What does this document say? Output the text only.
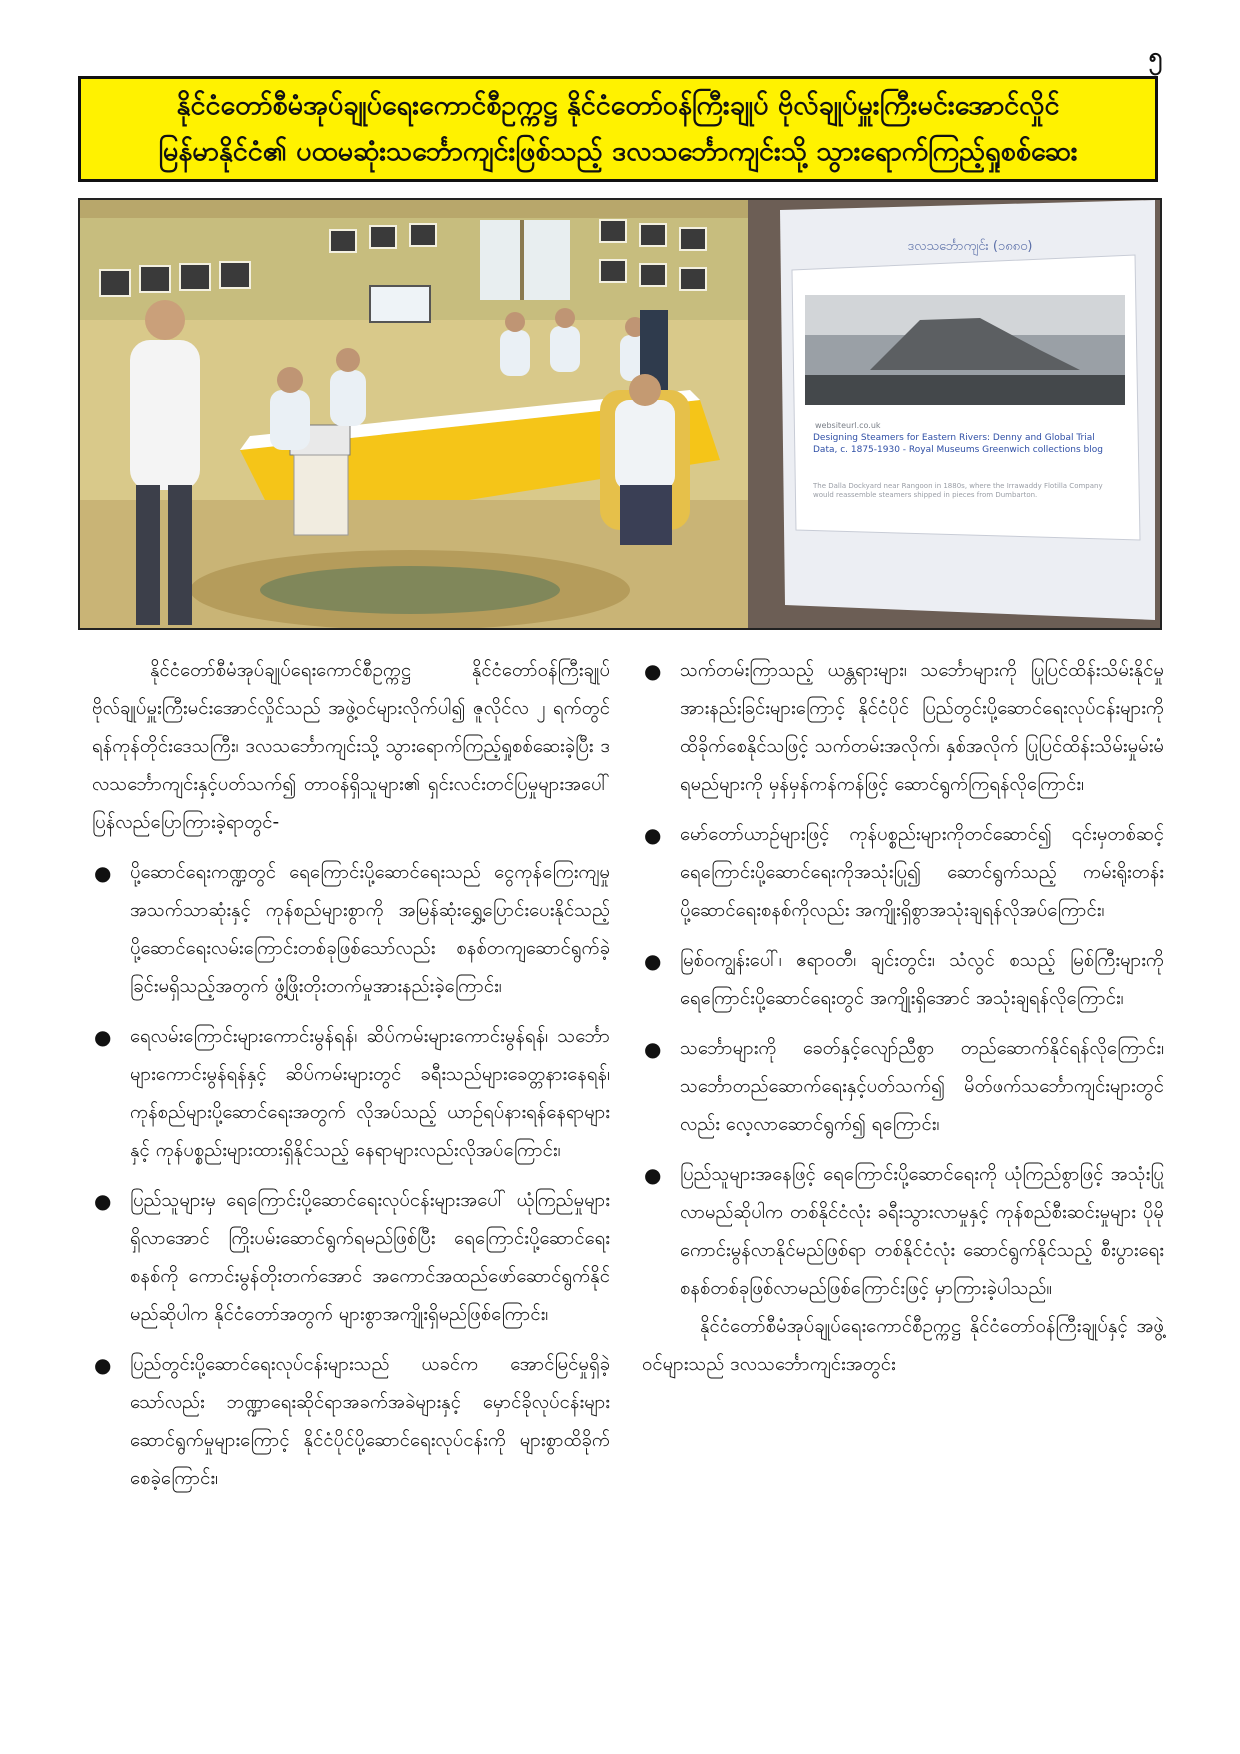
၅
နိုင်ငံတော်စီမံအုပ်ချုပ်ရေးကောင်စီဥက္ကဋ္ဌ နိုင်ငံတော်ဝန်ကြီးချုပ် ဗိုလ်ချုပ်မှူးကြီးမင်းအောင်လှိုင်
မြန်မာနိုင်ငံ၏ ပထမဆုံးသင်္ဘောကျင်းဖြစ်သည့် ဒလသင်္ဘောကျင်းသို့ သွားရောက်ကြည့်ရှုစစ်ဆေး
ဒလသင်္ဘောကျင်း (၁၈၈၀)
websiteurl.co.uk
Designing Steamers for Eastern Rivers: Denny and Global Trial Data, c. 1875-1930 - Royal Museums Greenwich collections blog
The Dalla Dockyard near Rangoon in 1880s, where the Irrawaddy Flotilla Company would reassemble steamers shipped in pieces from Dumbarton.

နိုင်ငံတော်စီမံအုပ်ချုပ်ရေးကောင်စီဥက္ကဋ္ဌ နိုင်ငံတော်ဝန်ကြီးချုပ် ဗိုလ်ချုပ်မှူးကြီးမင်းအောင်လှိုင်သည် အဖွဲ့ဝင်များလိုက်ပါ၍ ဇူလိုင်လ ၂ ရက်တွင် ရန်ကုန်တိုင်းဒေသကြီး၊ ဒလသင်္ဘောကျင်းသို့ သွားရောက်ကြည့်ရှုစစ်ဆေးခဲ့ပြီး ဒလသင်္ဘောကျင်းနှင့်ပတ်သက်၍ တာဝန်ရှိသူများ၏ ရှင်းလင်းတင်ပြမှုများအပေါ် ပြန်လည်ပြောကြားခဲ့ရာတွင်-

● ပို့ဆောင်ရေးကဏ္ဍတွင် ရေကြောင်းပို့ဆောင်ရေးသည် ငွေကုန်ကြေးကျမှုအသက်သာဆုံးနှင့် ကုန်စည်များစွာကို အမြန်ဆုံးရွှေ့ပြောင်းပေးနိုင်သည့် ပို့ဆောင်ရေးလမ်းကြောင်းတစ်ခုဖြစ်သော်လည်း စနစ်တကျဆောင်ရွက်ခဲ့ခြင်းမရှိသည့်အတွက် ဖွံ့ဖြိုးတိုးတက်မှုအားနည်းခဲ့ကြောင်း၊
● ရေလမ်းကြောင်းများကောင်းမွန်ရန်၊ ဆိပ်ကမ်းများကောင်းမွန်ရန်၊ သင်္ဘောများကောင်းမွန်ရန်နှင့် ဆိပ်ကမ်းများတွင် ခရီးသည်များခေတ္တနားနေရန်၊ ကုန်စည်များပို့ဆောင်ရေးအတွက် လိုအပ်သည့် ယာဉ်ရပ်နားရန်နေရာများနှင့် ကုန်ပစ္စည်းများထားရှိနိုင်သည့် နေရာများလည်းလိုအပ်ကြောင်း၊
● ပြည်သူများမှ ရေကြောင်းပို့ဆောင်ရေးလုပ်ငန်းများအပေါ် ယုံကြည်မှုများရှိလာအောင် ကြိုးပမ်းဆောင်ရွက်ရမည်ဖြစ်ပြီး ရေကြောင်းပို့ဆောင်ရေးစနစ်ကို ကောင်းမွန်တိုးတက်အောင် အကောင်အထည်ဖော်ဆောင်ရွက်နိုင်မည်ဆိုပါက နိုင်ငံတော်အတွက် များစွာအကျိုးရှိမည်ဖြစ်ကြောင်း၊
● ပြည်တွင်းပို့ဆောင်ရေးလုပ်ငန်းများသည် ယခင်က အောင်မြင်မှုရှိခဲ့သော်လည်း ဘဏ္ဍာရေးဆိုင်ရာအခက်အခဲများနှင့် မှောင်ခိုလုပ်ငန်းများဆောင်ရွက်မှုများကြောင့် နိုင်ငံပိုင်ပို့ဆောင်ရေးလုပ်ငန်းကို များစွာထိခိုက်စေခဲ့ကြောင်း၊
● သက်တမ်းကြာသည့် ယန္တရားများ၊ သင်္ဘောများကို ပြုပြင်ထိန်းသိမ်းနိုင်မှုအားနည်းခြင်းများကြောင့် နိုင်ငံပိုင် ပြည်တွင်းပို့ဆောင်ရေးလုပ်ငန်းများကို ထိခိုက်စေနိုင်သဖြင့် သက်တမ်းအလိုက်၊ နှစ်အလိုက် ပြုပြင်ထိန်းသိမ်းမှုမ်းမံရမည်များကို မှန်မှန်ကန်ကန်ဖြင့် ဆောင်ရွက်ကြရန်လိုကြောင်း၊
● မော်တော်ယာဉ်များဖြင့် ကုန်ပစ္စည်းများကိုတင်ဆောင်၍ ၎င်းမှတစ်ဆင့် ရေကြောင်းပို့ဆောင်ရေးကိုအသုံးပြု၍ ဆောင်ရွက်သည့် ကမ်းရိုးတန်းပို့ဆောင်ရေးစနစ်ကိုလည်း အကျိုးရှိစွာအသုံးချရန်လိုအပ်ကြောင်း၊
● မြစ်ဝကျွန်းပေါ်၊ ဧရာဝတီ၊ ချင်းတွင်း၊ သံလွင် စသည့် မြစ်ကြီးများကို ရေကြောင်းပို့ဆောင်ရေးတွင် အကျိုးရှိအောင် အသုံးချရန်လိုကြောင်း၊
● သင်္ဘောများကို ခေတ်နှင့်လျော်ညီစွာ တည်ဆောက်နိုင်ရန်လိုကြောင်း၊ သင်္ဘောတည်ဆောက်ရေးနှင့်ပတ်သက်၍ မိတ်ဖက်သင်္ဘောကျင်းများတွင်လည်း လေ့လာဆောင်ရွက်၍ ရကြောင်း၊
● ပြည်သူများအနေဖြင့် ရေကြောင်းပို့ဆောင်ရေးကို ယုံကြည်စွာဖြင့် အသုံးပြုလာမည်ဆိုပါက တစ်နိုင်ငံလုံး ခရီးသွားလာမှုနှင့် ကုန်စည်စီးဆင်းမှုများ ပိုမိုကောင်းမွန်လာနိုင်မည်ဖြစ်ရာ တစ်နိုင်ငံလုံး ဆောင်ရွက်နိုင်သည့် စီးပွားရေးစနစ်တစ်ခုဖြစ်လာမည်ဖြစ်ကြောင်းဖြင့် မှာကြားခဲ့ပါသည်။

နိုင်ငံတော်စီမံအုပ်ချုပ်ရေးကောင်စီဥက္ကဋ္ဌ နိုင်ငံတော်ဝန်ကြီးချုပ်နှင့် အဖွဲ့ဝင်များသည် ဒလသင်္ဘောကျင်းအတွင်း
